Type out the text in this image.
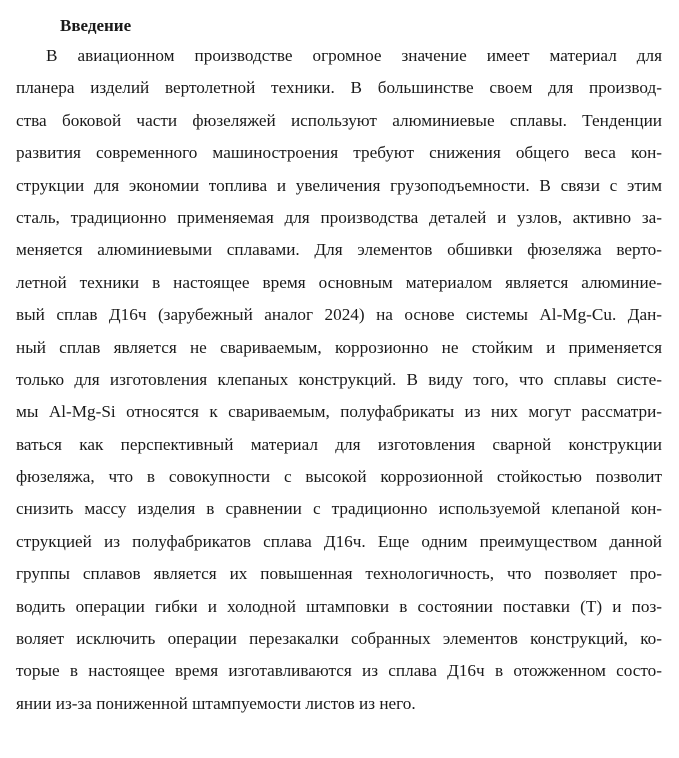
Введение
В авиационном производстве огромное значение имеет материал для
планера изделий вертолетной техники. В большинстве своем для производ-
ства боковой части фюзеляжей используют алюминиевые сплавы. Тенденции
развития современного машиностроения требуют снижения общего веса кон-
струкции для экономии топлива и увеличения грузоподъемности. В связи с этим
сталь, традиционно применяемая для производства деталей и узлов, активно за-
меняется алюминиевыми сплавами. Для элементов обшивки фюзеляжа верто-
летной техники в настоящее время основным материалом является алюминие-
вый сплав Д16ч (зарубежный аналог 2024) на основе системы Al-Mg-Cu. Дан-
ный сплав является не свариваемым, коррозионно не стойким и применяется
только для изготовления клепаных конструкций. В виду того, что сплавы систе-
мы Al-Mg-Si относятся к свариваемым, полуфабрикаты из них могут рассматри-
ваться как перспективный материал для изготовления сварной конструкции
фюзеляжа, что в совокупности с высокой коррозионной стойкостью позволит
снизить массу изделия в сравнении с традиционно используемой клепаной кон-
струкцией из полуфабрикатов сплава Д16ч. Еще одним преимуществом данной
группы сплавов является их повышенная технологичность, что позволяет про-
водить операции гибки и холодной штамповки в состоянии поставки (Т) и поз-
воляет исключить операции перезакалки собранных элементов конструкций, ко-
торые в настоящее время изготавливаются из сплава Д16ч в отожженном состо-
янии из-за пониженной штампуемости листов из него.
